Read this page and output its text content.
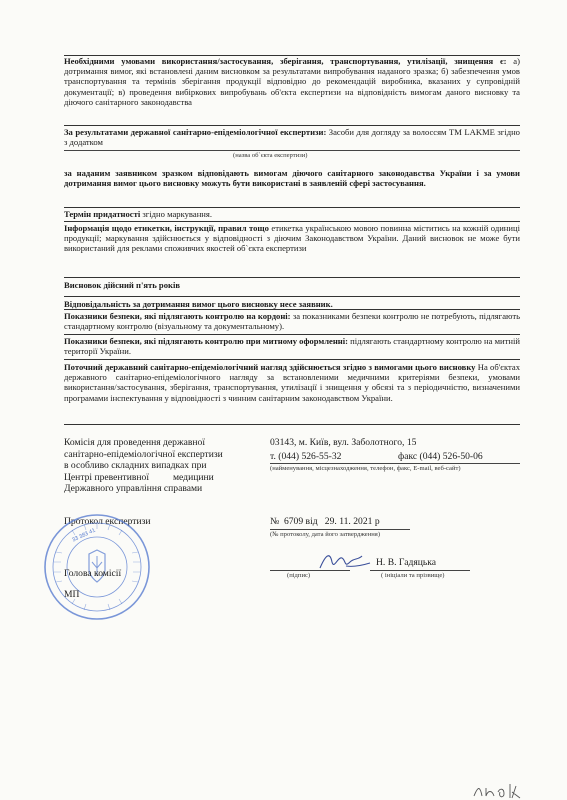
Необхідними умовами використання/застосування, зберігання, транспортування, утилізації, знищення є: а) дотримання вимог, які встановлені даним висновком за результатами випробування наданого зразка; б) забезпечення умов транспортування та термінів зберігання продукції відповідно до рекомендацій виробника, вказаних у супровідній документації; в) проведення вибіркових випробувань об'єкта експертизи на відповідність вимогам даного висновку та діючого санітарного законодавства
За результатами державної санітарно-епідеміологічної експертизи: Засоби для догляду за волоссям TM LAKME згідно з додатком
(назва об`єкта експертизи)
за наданим заявником зразком відповідають вимогам діючого санітарного законодавства України і за умови дотримання вимог цього висновку можуть бути використані в заявленій сфері застосування.
Термін придатності згідно маркування.
Інформація щодо етикетки, інструкції, правил тощо етикетка українською мовою повинна міститись на кожній одиниці продукції; маркування здійснюється у відповідності з діючим Законодавством України. Даний висновок не може бути використаний для реклами споживчих якостей об`єкта експертизи
Висновок дійсний п'ять років
Відповідальність за дотримання вимог цього висновку несе заявник.
Показники безпеки, які підлягають контролю на кордоні: за показниками безпеки контролю не потребують, підлягають стандартному контролю (візуальному та документальному).
Показники безпеки, які підлягають контролю при митному оформленні: підлягають стандартному контролю на митній території України.
Поточний державний санітарно-епідеміологічний нагляд здійснюється згідно з вимогами цього висновку На об'єктах державного санітарно-епідеміологічного нагляду за встановленими медичними критеріями безпеки, умовами використання/застосування, зберігання, транспортування, утилізації і знищення у обсязі та з періодичністю, визначеними програмами інспектування у відповідності з чинним санітарним законодавством України.
Комісія для проведення державної
санітарно-епідеміологічної експертизи
в особливо складних випадках при
Центрі превентивної          медицини
Державного управління справами
03143, м. Київ, вул. Заболотного, 15
т. (044) 526-55-32	факс (044) 526-50-06
(найменування, місцезнаходження, телефон, факс, E-mail, веб-сайт)
Протокол експертизи	№  6709 від   29. 11. 2021 р
(№ протоколу, дата його затвердження)
33 383 41
Голова комісії
МП
Н. В. Гадяцька
(підпис)	( ініціали та прізвище)
